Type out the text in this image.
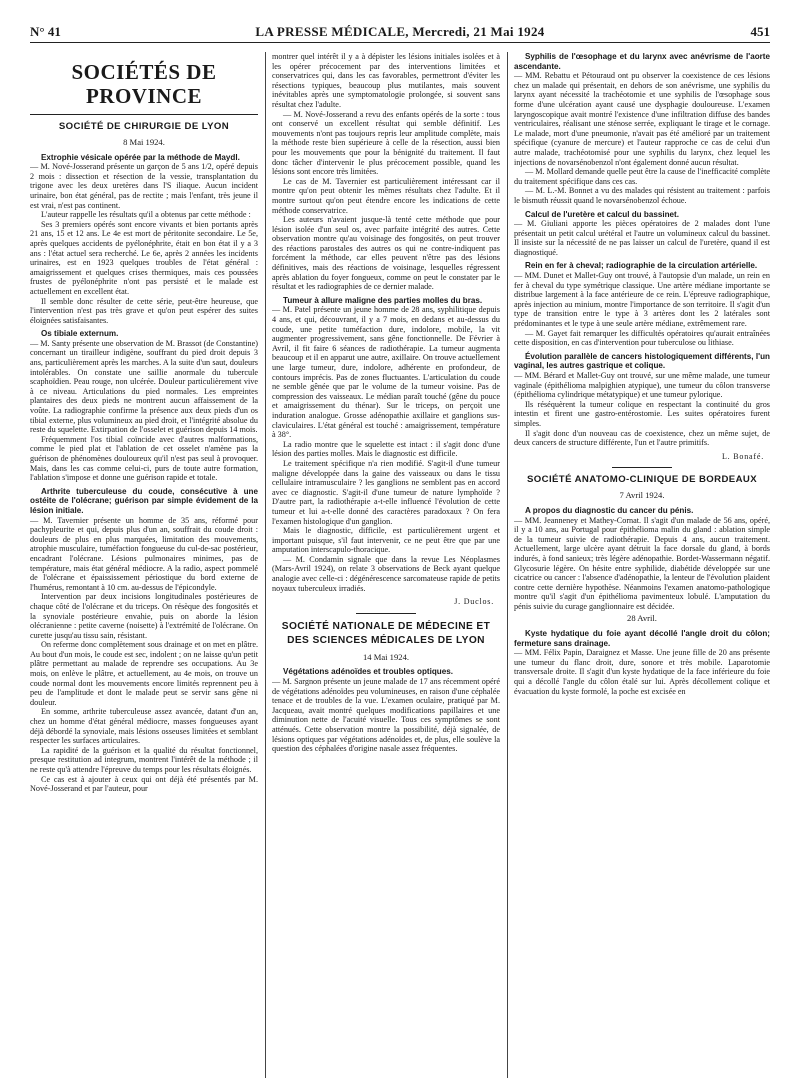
N° 41	LA PRESSE MÉDICALE, Mercredi, 21 Mai 1924	451
SOCIÉTÉS DE PROVINCE
SOCIÉTÉ DE CHIRURGIE DE LYON
8 Mai 1924.
Extrophie vésicale opérée par la méthode de Maydl.

— M. Nové-Josserand présente un garçon de 5 ans 1/2, opéré depuis 2 mois : dissection et résection de la vessie, transplantation du trigone avec les deux uretères dans l'S iliaque. Aucun incident urinaire, bon état général, pas de rectite ; mais l'enfant, très jeune il est vrai, n'est pas continent.

L'auteur rappelle les résultats qu'il a obtenus par cette méthode :

Ses 3 premiers opérés sont encore vivants et bien portants après 21 ans, 15 et 12 ans. Le 4e est mort de péritonite secondaire. Le 5e, après quelques accidents de pyélonéphrite, était en bon état il y a 3 ans : l'état actuel sera recherché. Le 6e, après 2 années les incidents urinaires, est en 1923 quelques troubles de l'état général : amaigrissement et quelques crises thermiques, mais ces poussées frustes de pyélonéphrite n'ont pas persisté et le malade est actuellement en excellent état.

Il semble donc résulter de cette série, peut-être heureuse, que l'intervention n'est pas très grave et qu'on peut espérer des suites éloignées satisfaisantes.

Os tibiale externum.

— M. Santy présente une observation de M. Brassot (de Constantine) concernant un tirailleur indigène, souffrant du pied droit depuis 3 ans, particulièrement après les marches. A la suite d'un saut, douleurs intolérables. On constate une saillie anormale du tubercule scaphoïdien. Peau rouge, non ulcérée. Douleur particulièrement vive à ce niveau. Articulations du pied normales. Les empreintes plantaires des deux pieds ne montrent aucun affaissement de la voûte. La radiographie confirme la présence aux deux pieds d'un os tibial externe, plus volumineux au pied droit, et l'intégrité absolue du reste du squelette. Extirpation de l'osselet et guérison depuis 14 mois.

Fréquemment l'os tibial coïncide avec d'autres malformations, comme le pied plat et l'ablation de cet osselet n'amène pas la guérison de phénomènes douloureux qu'il n'est pas seul à provoquer. Mais, dans les cas comme celui-ci, purs de toute autre formation, l'ablation s'impose et donne une guérison rapide et totale.

Arthrite tuberculeuse du coude, consécutive à une ostéite de l'olécrane; guérison par simple évidement de la lésion initiale.

— M. Tavernier présente un homme de 35 ans, réformé pour pachypleurite et qui, depuis plus d'un an, souffrait du coude droit : douleurs de plus en plus marquées, limitation des mouvements, atrophie musculaire, tuméfaction fongueuse du cul-de-sac postérieur, encadrant l'olécrane. Lésions pulmonaires minimes, pas de température, mais état général médiocre. A la radio, aspect pommelé de l'olécrane et épaississement périostique du bord externe de l'humérus, remontant à 10 cm. au-dessus de l'épicondyle.

Intervention par deux incisions longitudinales postérieures de chaque côté de l'olécrane et du triceps. On résèque des fongosités et la synoviale postérieure envahie, puis on aborde la lésion olécranienne : petite caverne (noisette) à l'extrémité de l'olécrane. On curette jusqu'au tissu sain, résistant.

On referme donc complètement sous drainage et on met en plâtre. Au bout d'un mois, le coude est sec, indolent ; on ne laisse qu'un petit plâtre permettant au malade de reprendre ses occupations. Au 3e mois, on enlève le plâtre, et actuellement, au 4e mois, on trouve un coude normal dont les mouvements encore limités reprennent peu à peu de l'amplitude et dont le malade peut se servir sans gêne ni douleur.

En somme, arthrite tuberculeuse assez avancée, datant d'un an, chez un homme d'état général médiocre, masses fongueuses ayant déjà débordé la synoviale, mais lésions osseuses limitées et semblant respecter les surfaces articulaires.

La rapidité de la guérison et la qualité du résultat fonctionnel, presque restitution ad integrum, montrent l'intérêt de la méthode ; il ne reste qu'à attendre l'épreuve du temps pour les résultats éloignés.

Ce cas est à ajouter à ceux qui ont déjà été présentés par M. Nové-Josserand et par l'auteur, pour

montrer quel intérêt il y a à dépister les lésions initiales isolées et à les opérer précocement par des interventions limitées et conservatrices qui, dans les cas favorables, permettront d'éviter les résections typiques, beaucoup plus mutilantes, mais souvent inévitables après une symptomatologie prolongée, si souvent sans résultat chez l'adulte.

— M. Nové-Josserand a revu des enfants opérés de la sorte : tous ont conservé un excellent résultat qui semble définitif. Les mouvements n'ont pas toujours repris leur amplitude complète, mais la méthode reste bien supérieure à celle de la résection, aussi bien pour les mouvements que pour la bénignité du traitement. Il faut donc tâcher d'intervenir le plus précocement possible, quand les lésions sont encore très limitées.

Le cas de M. Tavernier est particulièrement intéressant car il montre qu'on peut obtenir les mêmes résultats chez l'adulte. Et il montre surtout qu'on peut étendre encore les indications de cette méthode conservatrice.

Les auteurs n'avaient jusque-là tenté cette méthode que pour lésion isolée d'un seul os, avec parfaite intégrité des autres. Cette observation montre qu'au voisinage des fongosités, on peut trouver des réactions parostales des autres os qui ne contre-indiquent pas forcément la méthode, car elles peuvent n'être pas des lésions définitives, mais des réactions de voisinage, lesquelles régressent après ablation du foyer fongueux, comme on peut le constater par le résultat et les radiographies de ce dernier malade.

Tumeur à allure maligne des parties molles du bras.

— M. Patel présente un jeune homme de 28 ans, syphilitique depuis 4 ans, et qui, découvrant, il y a 7 mois, en dedans et au-dessus du coude, une petite tuméfaction dure, indolore, mobile, la vit augmenter progressivement, sans gêne fonctionnelle. De Février à Avril, il fit faire 6 séances de radiothérapie. La tumeur augmenta beaucoup et il en apparut une autre, axillaire. On trouve actuellement une large tumeur, dure, indolore, adhérente en profondeur, de contours imprécis. Pas de zones fluctuantes. L'articulation du coude ne semble gênée que par le volume de la tumeur voisine. Pas de compression des vaisseaux. Le médian paraît touché (gêne du pouce et amaigrissement du thénar). Sur le triceps, on perçoit une induration analogue. Grosse adénopathie axillaire et ganglions sus-claviculaires. L'état général est touché : amaigrissement, température à 38°.

La radio montre que le squelette est intact : il s'agit donc d'une lésion des parties molles. Mais le diagnostic est difficile.

Le traitement spécifique n'a rien modifié. S'agit-il d'une tumeur maligne développée dans la gaine des vaisseaux ou dans le tissu cellulaire intramusculaire ? les ganglions ne semblent pas en accord avec ce diagnostic. S'agit-il d'une tumeur de nature lymphoïde ? D'autre part, la radiothérapie a-t-elle influencé l'évolution de cette tumeur et lui a-t-elle donné des caractères paradoxaux ? On fera l'examen histologique d'un ganglion.

Mais le diagnostic, difficile, est particulièrement urgent et important puisque, s'il faut intervenir, ce ne peut être que par une amputation interscapulo-thoracique.

— M. Condamin signale que dans la revue Les Néoplasmes (Mars-Avril 1924), on relate 3 observations de Beck ayant quelque analogie avec celle-ci : dégénérescence sarcomateuse rapide de petits noyaux tuberculeux irradiés.

J. Duclos.
SOCIÉTÉ NATIONALE DE MÉDECINE ET DES SCIENCES MÉDICALES DE LYON
14 Mai 1924.
Végétations adénoïdes et troubles optiques.

— M. Sargnon présente un jeune malade de 17 ans récemment opéré de végétations adénoïdes peu volumineuses, en raison d'une céphalée tenace et de troubles de la vue. L'examen oculaire, pratiqué par M. Jacqueau, avait montré quelques modifications papillaires et une diminution nette de l'acuité visuelle. Tous ces symptômes se sont atténués. Cette observation montre la possibilité, déjà signalée, de lésions optiques par végétations adénoïdes et, de plus, elle soulève la question des céphalées d'origine nasale assez fréquentes.

Syphilis de l'œsophage et du larynx avec anévrisme de l'aorte ascendante.

— MM. Rebattu et Pétouraud ont pu observer la coexistence de ces lésions chez un malade qui présentait, en dehors de son anévrisme, une syphilis du larynx ayant nécessité la trachéotomie et une syphilis de l'œsophage sous forme d'une ulcération ayant causé une dysphagie douloureuse. L'examen laryngoscopique avait montré l'existence d'une infiltration diffuse des bandes ventriculaires, réalisant une sténose serrée, expliquant le tirage et le cornage. Le malade, mort d'une pneumonie, n'avait pas été amélioré par un traitement spécifique (cyanure de mercure) et l'auteur rapproche ce cas de celui d'un autre malade, trachéotomisé pour une syphilis du larynx, chez lequel les injections de novarsénobenzol n'ont également donné aucun résultat.

— M. Mollard demande quelle peut être la cause de l'inefficacité complète du traitement spécifique dans ces cas.

— M. L.-M. Bonnet a vu des malades qui résistent au traitement : parfois le bismuth réussit quand le novarsénobenzol échoue.

Calcul de l'uretère et calcul du bassinet.

— M. Giuliani apporte les pièces opératoires de 2 malades dont l'une présentait un petit calcul urétéral et l'autre un volumineux calcul du bassinet. Il insiste sur la nécessité de ne pas laisser un calcul de l'uretère, quand il est diagnostiqué.

Rein en fer à cheval; radiographie de la circulation artérielle.

— MM. Dunet et Mallet-Guy ont trouvé, à l'autopsie d'un malade, un rein en fer à cheval du type symétrique classique. Une artère médiane importante se distribue largement à la face antérieure de ce rein. L'épreuve radiographique, après injection au minium, montre l'importance de son territoire. Il s'agit d'un type de transition entre le type à 3 artères dont les 2 latérales sont prédominantes et le type à une seule artère médiane, extrêmement rare.

— M. Gayet fait remarquer les difficultés opératoires qu'aurait entraînées cette disposition, en cas d'intervention pour tuberculose ou lithiase.

Évolution parallèle de cancers histologiquement différents, l'un vaginal, les autres gastrique et colique.

— MM. Bérard et Mallet-Guy ont trouvé, sur une même malade, une tumeur vaginale (épithélioma malpighien atypique), une tumeur du côlon transverse (épithélioma cylindrique métatypique) et une tumeur pylorique.

Ils réséquèrent la tumeur colique en respectant la continuité du gros intestin et firent une gastro-entérostomie. Les suites opératoires furent simples.

Il s'agit donc d'un nouveau cas de coexistence, chez un même sujet, de deux cancers de structure différente, l'un et l'autre primitifs.

L. Bonafé.
SOCIÉTÉ ANATOMO-CLINIQUE DE BORDEAUX
7 Avril 1924.
A propos du diagnostic du cancer du pénis.

— MM. Jeanneney et Mathey-Cornat. Il s'agit d'un malade de 56 ans, opéré, il y a 10 ans, au Portugal pour épithélioma malin du gland : ablation simple de la tumeur suivie de radiothérapie. Depuis 4 ans, aucun traitement. Actuellement, large ulcère ayant détruit la face dorsale du gland, à bords indurés, à fond sanieux; très légère adénopathie. Bordet-Wassermann négatif. Glycosurie légère. On hésite entre syphilide, diabétide développée sur une cicatrice ou cancer : l'absence d'adénopathie, la lenteur de l'évolution plaident contre cette dernière hypothèse. Néanmoins l'examen anatomo-pathologique montre qu'il s'agit d'un épithélioma pavimenteux lobulé. L'amputation du pénis suivie du curage ganglionnaire est décidée.

28 Avril.
Kyste hydatique du foie ayant décollé l'angle droit du côlon; fermeture sans drainage.

— MM. Félix Papin, Daraignez et Masse. Une jeune fille de 20 ans présente une tumeur du flanc droit, dure, sonore et très mobile. Laparotomie transversale droite. Il s'agit d'un kyste hydatique de la face inférieure du foie qui a décollé l'angle du côlon étalé sur lui. Après décollement colique et évacuation du kyste formolé, la poche est excisée en
